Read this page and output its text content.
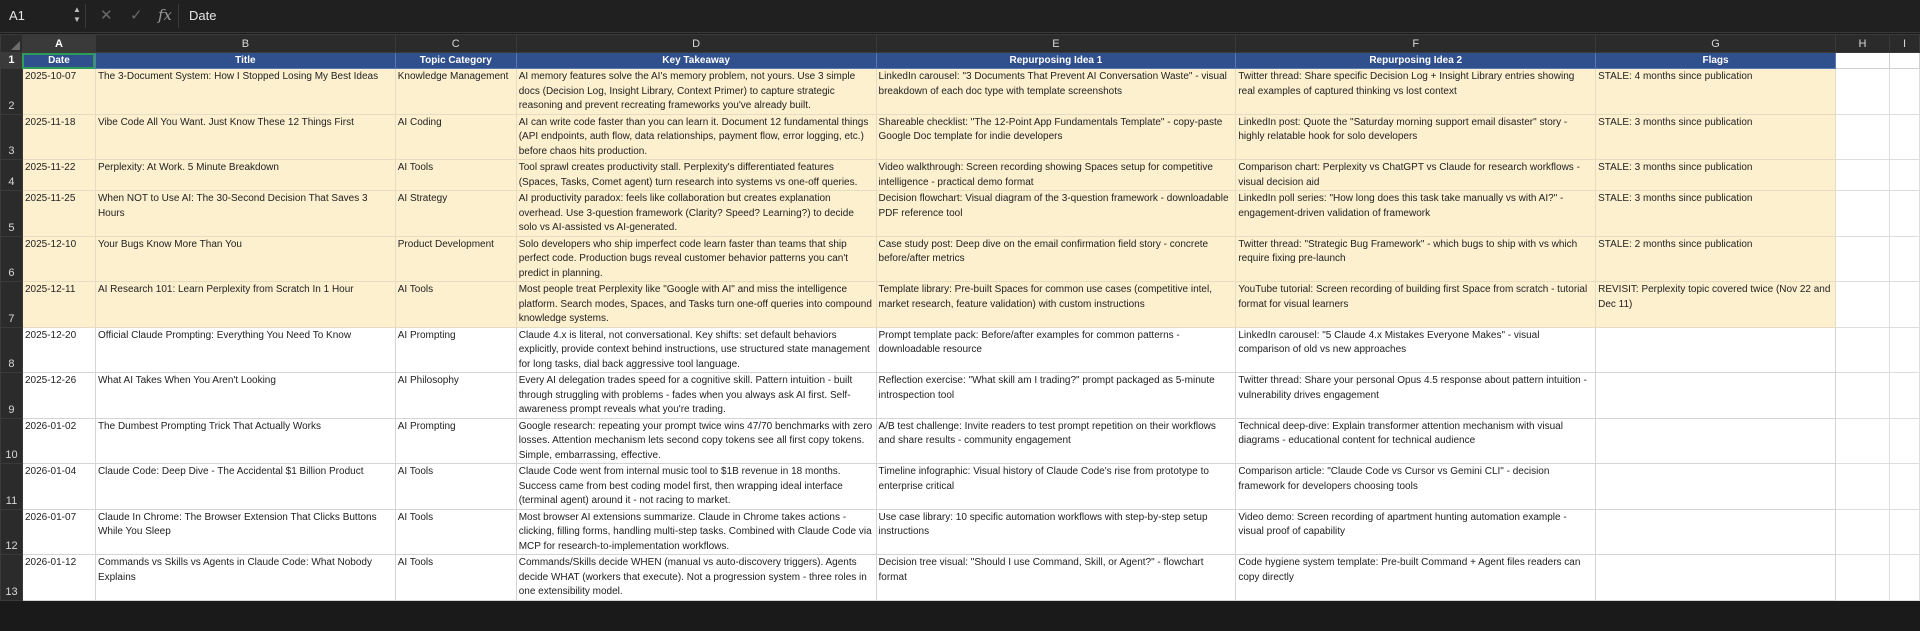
A1	▲
▼ ✕ ✓ fx	Date
	A	B	C	D	E	F	G	H	I
1	Date	Title	Topic Category	Key Takeaway	Repurposing Idea 1	Repurposing Idea 2	Flags		
2	2025-10-07	The 3-Document System: How I Stopped Losing My Best Ideas	Knowledge Management	AI memory features solve the AI's memory problem, not yours. Use 3 simple docs (Decision Log, Insight Library, Context Primer) to capture strategic reasoning and prevent recreating frameworks you've already built.	LinkedIn carousel: "3 Documents That Prevent AI Conversation Waste" - visual breakdown of each doc type with template screenshots	Twitter thread: Share specific Decision Log + Insight Library entries showing real examples of captured thinking vs lost context	STALE: 4 months since publication		
3	2025-11-18	Vibe Code All You Want. Just Know These 12 Things First	AI Coding	AI can write code faster than you can learn it. Document 12 fundamental things (API endpoints, auth flow, data relationships, payment flow, error logging, etc.) before chaos hits production.	Shareable checklist: "The 12-Point App Fundamentals Template" - copy-paste Google Doc template for indie developers	LinkedIn post: Quote the "Saturday morning support email disaster" story - highly relatable hook for solo developers	STALE: 3 months since publication		
4	2025-11-22	Perplexity: At Work. 5 Minute Breakdown	AI Tools	Tool sprawl creates productivity stall. Perplexity's differentiated features (Spaces, Tasks, Comet agent) turn research into systems vs one-off queries.	Video walkthrough: Screen recording showing Spaces setup for competitive intelligence - practical demo format	Comparison chart: Perplexity vs ChatGPT vs Claude for research workflows - visual decision aid	STALE: 3 months since publication		
5	2025-11-25	When NOT to Use AI: The 30-Second Decision That Saves 3 Hours	AI Strategy	AI productivity paradox: feels like collaboration but creates explanation overhead. Use 3-question framework (Clarity? Speed? Learning?) to decide solo vs AI-assisted vs AI-generated.	Decision flowchart: Visual diagram of the 3-question framework - downloadable PDF reference tool	LinkedIn poll series: "How long does this task take manually vs with AI?" - engagement-driven validation of framework	STALE: 3 months since publication		
6	2025-12-10	Your Bugs Know More Than You	Product Development	Solo developers who ship imperfect code learn faster than teams that ship perfect code. Production bugs reveal customer behavior patterns you can't predict in planning.	Case study post: Deep dive on the email confirmation field story - concrete before/after metrics	Twitter thread: "Strategic Bug Framework" - which bugs to ship with vs which require fixing pre-launch	STALE: 2 months since publication		
7	2025-12-11	AI Research 101: Learn Perplexity from Scratch In 1 Hour	AI Tools	Most people treat Perplexity like "Google with AI" and miss the intelligence platform. Search modes, Spaces, and Tasks turn one-off queries into compound knowledge systems.	Template library: Pre-built Spaces for common use cases (competitive intel, market research, feature validation) with custom instructions	YouTube tutorial: Screen recording of building first Space from scratch - tutorial format for visual learners	REVISIT: Perplexity topic covered twice (Nov 22 and Dec 11)		
8	2025-12-20	Official Claude Prompting: Everything You Need To Know	AI Prompting	Claude 4.x is literal, not conversational. Key shifts: set default behaviors explicitly, provide context behind instructions, use structured state management for long tasks, dial back aggressive tool language.	Prompt template pack: Before/after examples for common patterns - downloadable resource	LinkedIn carousel: "5 Claude 4.x Mistakes Everyone Makes" - visual comparison of old vs new approaches			
9	2025-12-26	What AI Takes When You Aren't Looking	AI Philosophy	Every AI delegation trades speed for a cognitive skill. Pattern intuition - built through struggling with problems - fades when you always ask AI first. Self-awareness prompt reveals what you're trading.	Reflection exercise: "What skill am I trading?" prompt packaged as 5-minute introspection tool	Twitter thread: Share your personal Opus 4.5 response about pattern intuition - vulnerability drives engagement			
10	2026-01-02	The Dumbest Prompting Trick That Actually Works	AI Prompting	Google research: repeating your prompt twice wins 47/70 benchmarks with zero losses. Attention mechanism lets second copy tokens see all first copy tokens. Simple, embarrassing, effective.	A/B test challenge: Invite readers to test prompt repetition on their workflows and share results - community engagement	Technical deep-dive: Explain transformer attention mechanism with visual diagrams - educational content for technical audience			
11	2026-01-04	Claude Code: Deep Dive - The Accidental $1 Billion Product	AI Tools	Claude Code went from internal music tool to $1B revenue in 18 months. Success came from best coding model first, then wrapping ideal interface (terminal agent) around it - not racing to market.	Timeline infographic: Visual history of Claude Code's rise from prototype to enterprise critical	Comparison article: "Claude Code vs Cursor vs Gemini CLI" - decision framework for developers choosing tools			
12	2026-01-07	Claude In Chrome: The Browser Extension That Clicks Buttons While You Sleep	AI Tools	Most browser AI extensions summarize. Claude in Chrome takes actions - clicking, filling forms, handling multi-step tasks. Combined with Claude Code via MCP for research-to-implementation workflows.	Use case library: 10 specific automation workflows with step-by-step setup instructions	Video demo: Screen recording of apartment hunting automation example - visual proof of capability			
13	2026-01-12	Commands vs Skills vs Agents in Claude Code: What Nobody Explains	AI Tools	Commands/Skills decide WHEN (manual vs auto-discovery triggers). Agents decide WHAT (workers that execute). Not a progression system - three roles in one extensibility model.	Decision tree visual: "Should I use Command, Skill, or Agent?" - flowchart format	Code hygiene system template: Pre-built Command + Agent files readers can copy directly			
